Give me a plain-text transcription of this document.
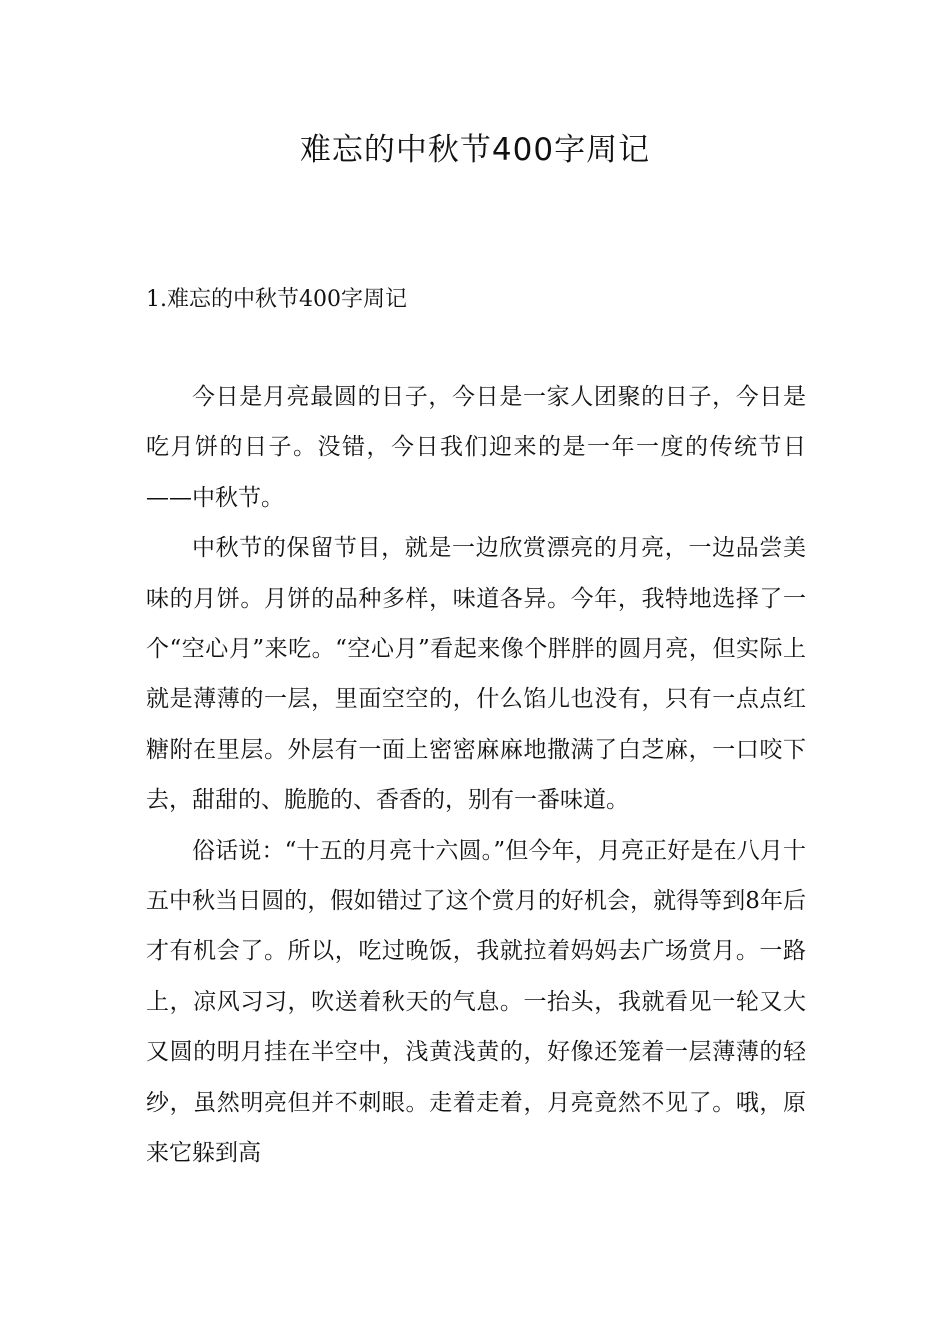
难忘的中秋节400字周记
1.难忘的中秋节400字周记

今日是月亮最圆的日子，今日是一家人团聚的日子，今日是吃月饼的日子。没错，今日我们迎来的是一年一度的传统节日——中秋节。

中秋节的保留节目，就是一边欣赏漂亮的月亮，一边品尝美味的月饼。月饼的品种多样，味道各异。今年，我特地选择了一个“空心月”来吃。“空心月”看起来像个胖胖的圆月亮，但实际上就是薄薄的一层，里面空空的，什么馅儿也没有，只有一点点红糖附在里层。外层有一面上密密麻麻地撒满了白芝麻，一口咬下去，甜甜的、脆脆的、香香的，别有一番味道。

俗话说：“十五的月亮十六圆。”但今年，月亮正好是在八月十五中秋当日圆的，假如错过了这个赏月的好机会，就得等到8年后才有机会了。所以，吃过晚饭，我就拉着妈妈去广场赏月。一路上，凉风习习，吹送着秋天的气息。一抬头，我就看见一轮又大又圆的明月挂在半空中，浅黄浅黄的，好像还笼着一层薄薄的轻纱，虽然明亮但并不刺眼。走着走着，月亮竟然不见了。哦，原来它躲到高
